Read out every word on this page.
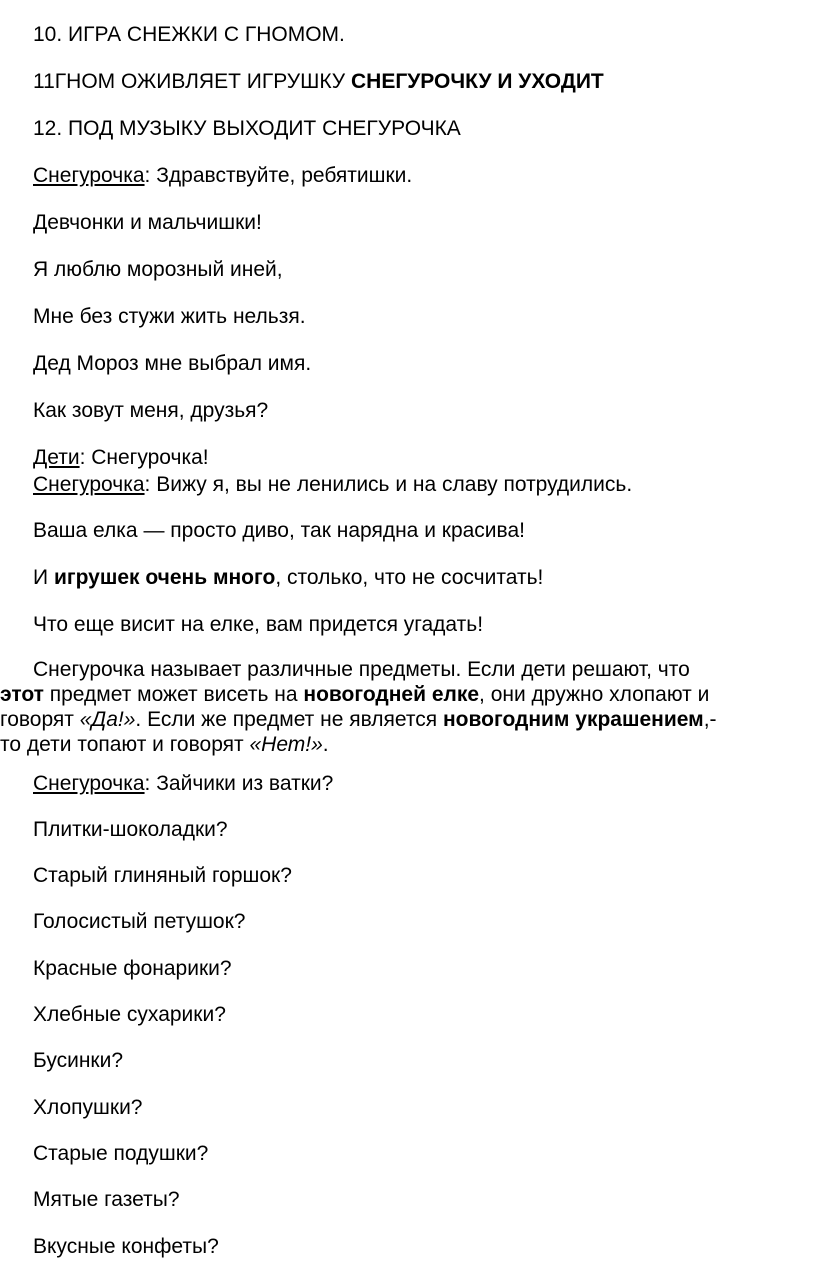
10. ИГРА СНЕЖКИ С ГНОМОМ.
11ГНОМ ОЖИВЛЯЕТ ИГРУШКУ СНЕГУРОЧКУ И УХОДИТ
12. ПОД МУЗЫКУ ВЫХОДИТ СНЕГУРОЧКА
Снегурочка: Здравствуйте, ребятишки.
Девчонки и мальчишки!
Я люблю морозный иней,
Мне без стужи жить нельзя.
Дед Мороз мне выбрал имя.
Как зовут меня, друзья?
Дети: Снегурочка!
Снегурочка: Вижу я, вы не ленились и на славу потрудились.
Ваша елка — просто диво, так нарядна и красива!
И игрушек очень много, столько, что не сосчитать!
Что еще висит на елке, вам придется угадать!
Снегурочка называет различные предметы. Если дети решают, что
этот предмет может висеть на новогодней елке, они дружно хлопают и
говорят «Да!». Если же предмет не является новогодним украшением,-
то дети топают и говорят «Нет!».
Снегурочка: Зайчики из ватки?
Плитки-шоколадки?
Старый глиняный горшок?
Голосистый петушок?
Красные фонарики?
Хлебные сухарики?
Бусинки?
Хлопушки?
Старые подушки?
Мятые газеты?
Вкусные конфеты?
